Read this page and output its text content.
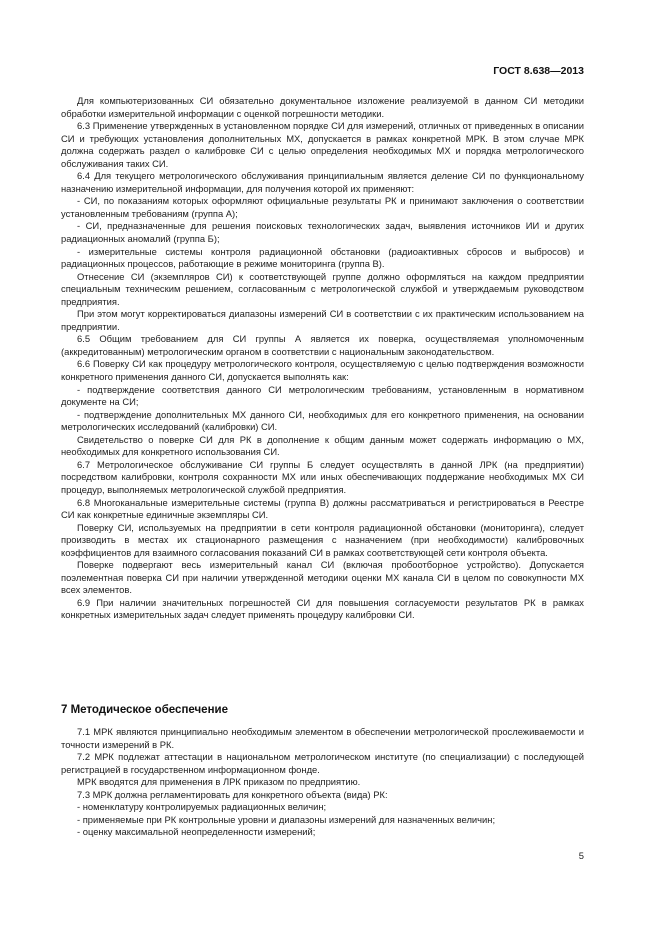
ГОСТ 8.638—2013

Для компьютеризованных СИ обязательно документальное изложение реализуемой в данном СИ методики обработки измерительной информации с оценкой погрешности методики.

6.3 Применение утвержденных в установленном порядке СИ для измерений, отличных от приведенных в описании СИ и требующих установления дополнительных МХ, допускается в рамках конкретной МРК. В этом случае МРК должна содержать раздел о калибровке СИ с целью определения необходимых МХ и порядка метрологического обслуживания таких СИ.

6.4 Для текущего метрологического обслуживания принципиальным является деление СИ по функциональному назначению измерительной информации, для получения которой их применяют:

- СИ, по показаниям которых оформляют официальные результаты РК и принимают заключения о соответствии установленным требованиям (группа А);

- СИ, предназначенные для решения поисковых технологических задач, выявления источников ИИ и других радиационных аномалий (группа Б);

- измерительные системы контроля радиационной обстановки (радиоактивных сбросов и выбросов) и радиационных процессов, работающие в режиме мониторинга (группа В).

Отнесение СИ (экземпляров СИ) к соответствующей группе должно оформляться на каждом предприятии специальным техническим решением, согласованным с метрологической службой и утверждаемым руководством предприятия.

При этом могут корректироваться диапазоны измерений СИ в соответствии с их практическим использованием на предприятии.

6.5 Общим требованием для СИ группы А является их поверка, осуществляемая уполномоченным (аккредитованным) метрологическим органом в соответствии с национальным законодательством.

6.6 Поверку СИ как процедуру метрологического контроля, осуществляемую с целью подтверждения возможности конкретного применения данного СИ, допускается выполнять как:

- подтверждение соответствия данного СИ метрологическим требованиям, установленным в нормативном документе на СИ;

- подтверждение дополнительных МХ данного СИ, необходимых для его конкретного применения, на основании метрологических исследований (калибровки) СИ.

Свидетельство о поверке СИ для РК в дополнение к общим данным может содержать информацию о МХ, необходимых для конкретного использования СИ.

6.7 Метрологическое обслуживание СИ группы Б следует осуществлять в данной ЛРК (на предприятии) посредством калибровки, контроля сохранности МХ или иных обеспечивающих поддержание необходимых МХ СИ процедур, выполняемых метрологической службой предприятия.

6.8 Многоканальные измерительные системы (группа В) должны рассматриваться и регистрироваться в Реестре СИ как конкретные единичные экземпляры СИ.

Поверку СИ, используемых на предприятии в сети контроля радиационной обстановки (мониторинга), следует производить в местах их стационарного размещения с назначением (при необходимости) калибровочных коэффициентов для взаимного согласования показаний СИ в рамках соответствующей сети контроля объекта.

Поверке подвергают весь измерительный канал СИ (включая пробоотборное устройство). Допускается поэлементная поверка СИ при наличии утвержденной методики оценки МХ канала СИ в целом по совокупности МХ всех элементов.

6.9 При наличии значительных погрешностей СИ для повышения согласуемости результатов РК в рамках конкретных измерительных задач следует применять процедуру калибровки СИ.

7 Методическое обеспечение

7.1 МРК являются принципиально необходимым элементом в обеспечении метрологической прослеживаемости и точности измерений в РК.

7.2 МРК подлежат аттестации в национальном метрологическом институте (по специализации) с последующей регистрацией в государственном информационном фонде.

МРК вводятся для применения в ЛРК приказом по предприятию.

7.3 МРК должна регламентировать для конкретного объекта (вида) РК:

- номенклатуру контролируемых радиационных величин;

- применяемые при РК контрольные уровни и диапазоны измерений для назначенных величин;

- оценку максимальной неопределенности измерений;

5
